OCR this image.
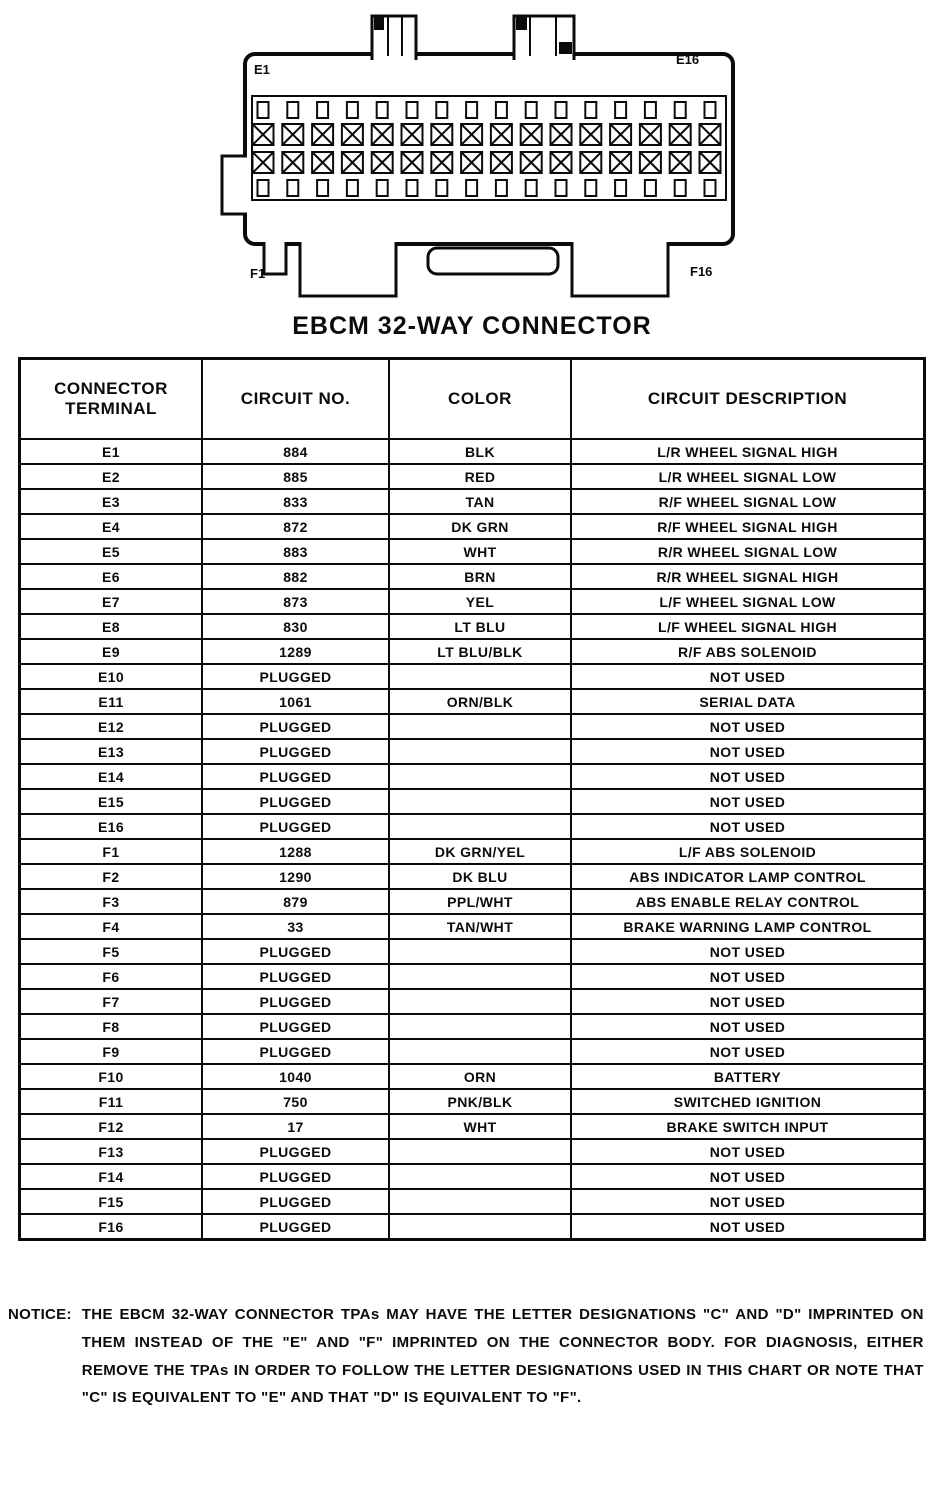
E1
E16
F1	F16
EBCM 32-WAY CONNECTOR
CONNECTOR TERMINAL	CIRCUIT NO.	COLOR	CIRCUIT DESCRIPTION
E1	884	BLK	L/R WHEEL SIGNAL HIGH
E2	885	RED	L/R WHEEL SIGNAL LOW
E3	833	TAN	R/F WHEEL SIGNAL LOW
E4	872	DK GRN	R/F WHEEL SIGNAL HIGH
E5	883	WHT	R/R WHEEL SIGNAL LOW
E6	882	BRN	R/R WHEEL SIGNAL HIGH
E7	873	YEL	L/F WHEEL SIGNAL LOW
E8	830	LT BLU	L/F WHEEL SIGNAL HIGH
E9	1289	LT BLU/BLK	R/F ABS SOLENOID
E10	PLUGGED		NOT USED
E11	1061	ORN/BLK	SERIAL DATA
E12	PLUGGED		NOT USED
E13	PLUGGED		NOT USED
E14	PLUGGED		NOT USED
E15	PLUGGED		NOT USED
E16	PLUGGED		NOT USED
F1	1288	DK GRN/YEL	L/F ABS SOLENOID
F2	1290	DK BLU	ABS INDICATOR LAMP CONTROL
F3	879	PPL/WHT	ABS ENABLE RELAY CONTROL
F4	33	TAN/WHT	BRAKE WARNING LAMP CONTROL
F5	PLUGGED		NOT USED
F6	PLUGGED		NOT USED
F7	PLUGGED		NOT USED
F8	PLUGGED		NOT USED
F9	PLUGGED		NOT USED
F10	1040	ORN	BATTERY
F11	750	PNK/BLK	SWITCHED IGNITION
F12	17	WHT	BRAKE SWITCH INPUT
F13	PLUGGED		NOT USED
F14	PLUGGED		NOT USED
F15	PLUGGED		NOT USED
F16	PLUGGED		NOT USED
NOTICE: THE EBCM 32-WAY CONNECTOR TPAs MAY HAVE THE LETTER DESIGNATIONS "C" AND "D" IMPRINTED ON THEM INSTEAD OF THE "E" AND "F" IMPRINTED ON THE CONNECTOR BODY. FOR DIAGNOSIS, EITHER REMOVE THE TPAs IN ORDER TO FOLLOW THE LETTER DESIGNATIONS USED IN THIS CHART OR NOTE THAT "C" IS EQUIVALENT TO "E" AND THAT "D" IS EQUIVALENT TO "F".
